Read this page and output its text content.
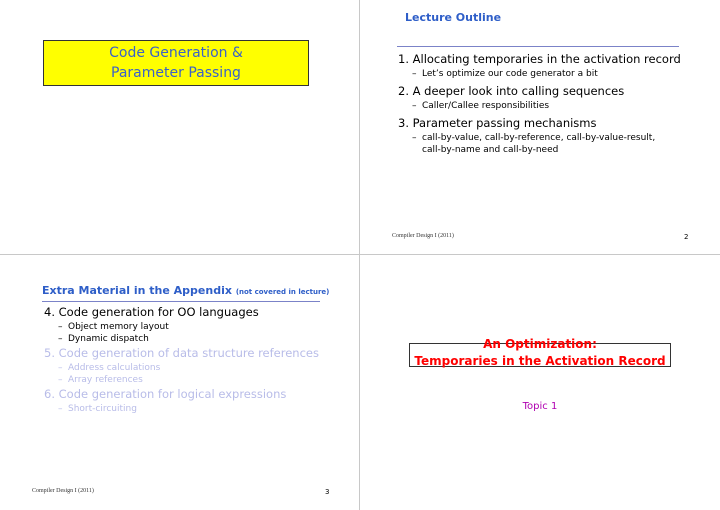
Code Generation &
Parameter Passing
Lecture Outline
1. Allocating temporaries in the activation record
– Let’s optimize our code generator a bit
2. A deeper look into calling sequences
– Caller/Callee responsibilities
3. Parameter passing mechanisms
– call-by-value, call-by-reference, call-by-value-result, call-by-name and call-by-need
Compiler Design I (2011)	2
Extra Material in the Appendix (not covered in lecture)
4. Code generation for OO languages
– Object memory layout
– Dynamic dispatch
5. Code generation of data structure references
– Address calculations
– Array references
6. Code generation for logical expressions
– Short-circuiting
Compiler Design I (2011)	3
An Optimization:
Temporaries in the Activation Record
Topic 1
